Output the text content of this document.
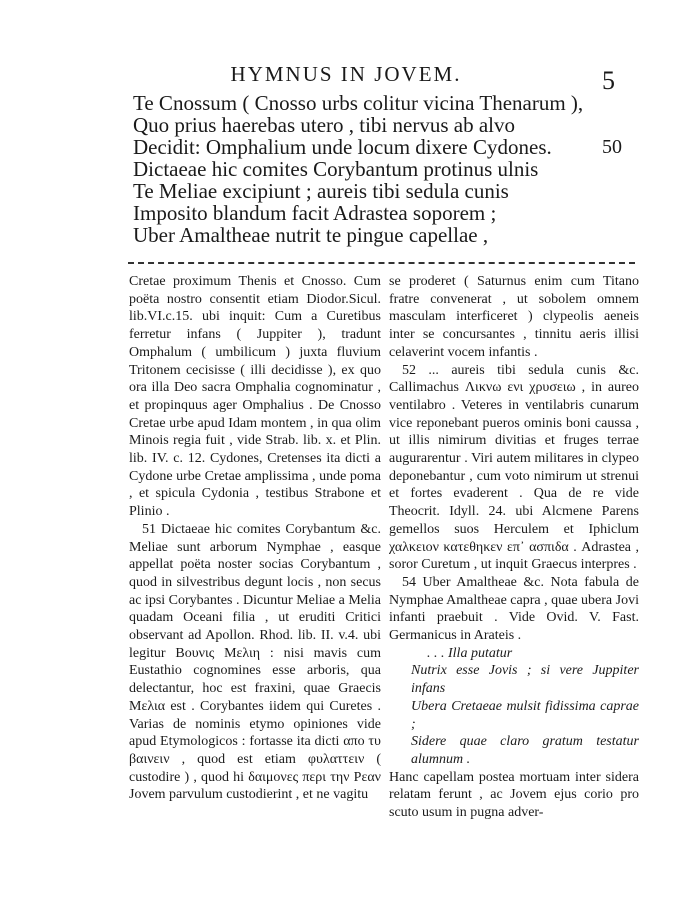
HYMNUS IN JOVEM.	5
Te Cnossum ( Cnosso urbs colitur vicina Thenarum ),
Quo prius haerebas utero , tibi nervus ab alvo
Decidit: Omphalium unde locum dixere Cydones.
Dictaeae hic comites Corybantum protinus ulnis
Te Meliae excipiunt ; aureis tibi sedula cunis
Imposito blandum facit Adrastea soporem ;
Uber Amaltheae nutrit te pingue capellae ,
50

Cretae proximum Thenis et Cnosso. Cum poëta nostro consentit etiam Diodor.Sicul. lib.VI.c.15. ubi inquit: Cum a Curetibus ferretur infans ( Juppiter ), tradunt Omphalum ( umbilicum ) juxta fluvium Tritonem cecisisse ( illi decidisse ), ex quo ora illa Deo sacra Omphalia cognominatur , et propinquus ager Omphalius . De Cnosso Cretae urbe apud Idam montem , in qua olim Minois regia fuit , vide Strab. lib. x. et Plin. lib. IV. c. 12. Cydones, Cretenses ita dicti a Cydone urbe Cretae amplissima , unde poma , et spicula Cydonia , testibus Strabone et Plinio .

51 Dictaeae hic comites Corybantum &c. Meliae sunt arborum Nymphae , easque appellat poëta noster socias Corybantum , quod in silvestribus degunt locis , non secus ac ipsi Corybantes . Dicuntur Meliae a Melia quadam Oceani filia , ut eruditi Critici observant ad Apollon. Rhod. lib. II. v.4. ubi legitur Βουνις Μελιη : nisi mavis cum Eustathio cognomines esse arboris, qua delectantur, hoc est fraxini, quae Graecis Μελια est . Corybantes iidem qui Curetes . Varias de nominis etymo opiniones vide apud Etymologicos : fortasse ita dicti απο τυ βαινειν , quod est etiam φυλαττειν ( custodire ) , quod hi δαιμονες περι την Ρεαν Jovem parvulum custodierint , et ne vagitu

se proderet ( Saturnus enim cum Titano fratre convenerat , ut sobolem omnem masculam interficeret ) clypeolis aeneis inter se concursantes , tinnitu aeris illisi celaverint vocem infantis .

52 ... aureis tibi sedula cunis &c. Callimachus Λικνω ενι χρυσειω , in aureo ventilabro . Veteres in ventilabris cunarum vice reponebant pueros ominis boni caussa , ut illis nimirum divitias et fruges terrae augurarentur . Viri autem militares in clypeo deponebantur , cum voto nimirum ut strenui et fortes evaderent . Qua de re vide Theocrit. Idyll. 24. ubi Alcmene Parens gemellos suos Herculem et Iphiclum χαλκειον κατεθηκεν επ᾽ ασπιδα . Adrastea , soror Curetum , ut inquit Graecus interpres .

54 Uber Amaltheae &c. Nota fabula de Nymphae Amaltheae capra , quae ubera Jovi infanti praebuit . Vide Ovid. V. Fast. Germanicus in Arateis .

. . . Illa putatur

Nutrix esse Jovis ; si vere Juppiter infans

Ubera Cretaeae mulsit fidissima caprae ;

Sidere quae claro gratum testatur alumnum .

Hanc capellam postea mortuam inter sidera relatam ferunt , ac Jovem ejus corio pro scuto usum in pugna adver-
